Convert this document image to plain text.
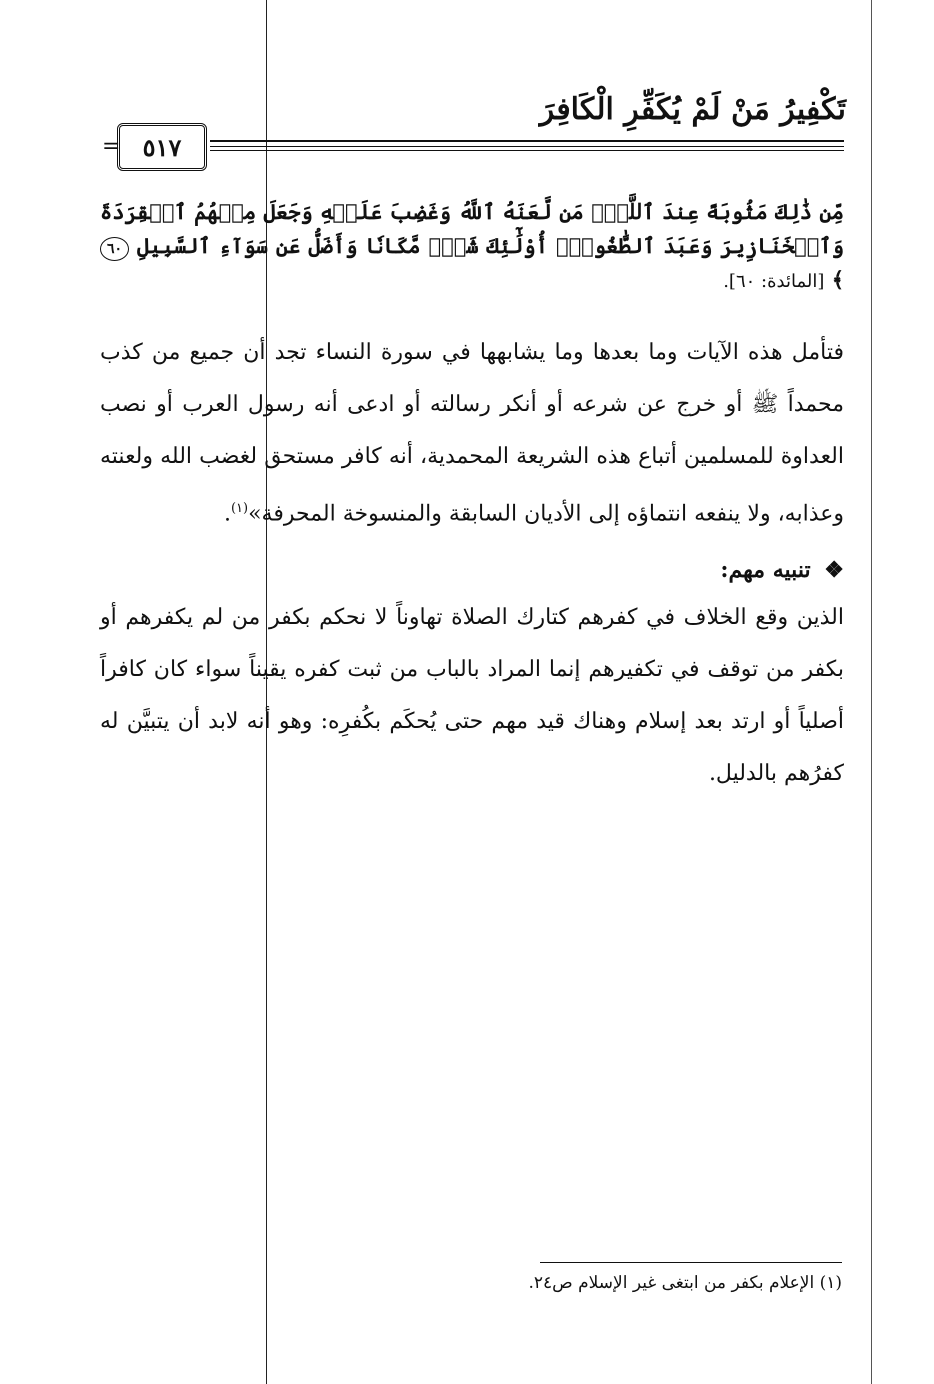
تَكْفِيرُ مَنْ لَمْ يُكَفِّرِ الْكَافِرَ
= ٥١٧
مِّن ذَٰلِكَ مَثُوبَةً عِندَ ٱللَّهِۚ مَن لَّعَنَهُ ٱللَّهُ وَغَضِبَ عَلَيۡهِ وَجَعَلَ مِنۡهُمُ ٱلۡقِرَدَةَ وَٱلۡخَنَازِيرَ وَعَبَدَ ٱلطَّٰغُوتَۚ أُوْلَٰٓئِكَ شَرّٞ مَّكَانٗا وَأَضَلُّ عَن سَوَآءِ ٱلسَّبِيلِ ٦٠ ﴾ [المائدة: ٦٠].

فتأمل هذه الآيات وما بعدها وما يشابهها في سورة النساء تجد أن جميع من كذب محمداً ﷺ أو خرج عن شرعه أو أنكر رسالته أو ادعى أنه رسول العرب أو نصب العداوة للمسلمين أتباع هذه الشريعة المحمدية، أنه كافر مستحق لغضب الله ولعنته وعذابه، ولا ينفعه انتماؤه إلى الأديان السابقة والمنسوخة المحرفة»$^{(١)}$.

❖ تنبيه مهم:

الذين وقع الخلاف في كفرهم كتارك الصلاة تهاوناً لا نحكم بكفر من لم يكفرهم أو بكفر من توقف في تكفيرهم إنما المراد بالباب من ثبت كفره يقيناً سواء كان كافراً أصلياً أو ارتد بعد إسلام وهناك قيد مهم حتى يُحكَم بكُفرِه: وهو أنه لابد أن يتبيَّن له كفرُهم بالدليل.

(١) الإعلام بكفر من ابتغى غير الإسلام ص٢٤.
